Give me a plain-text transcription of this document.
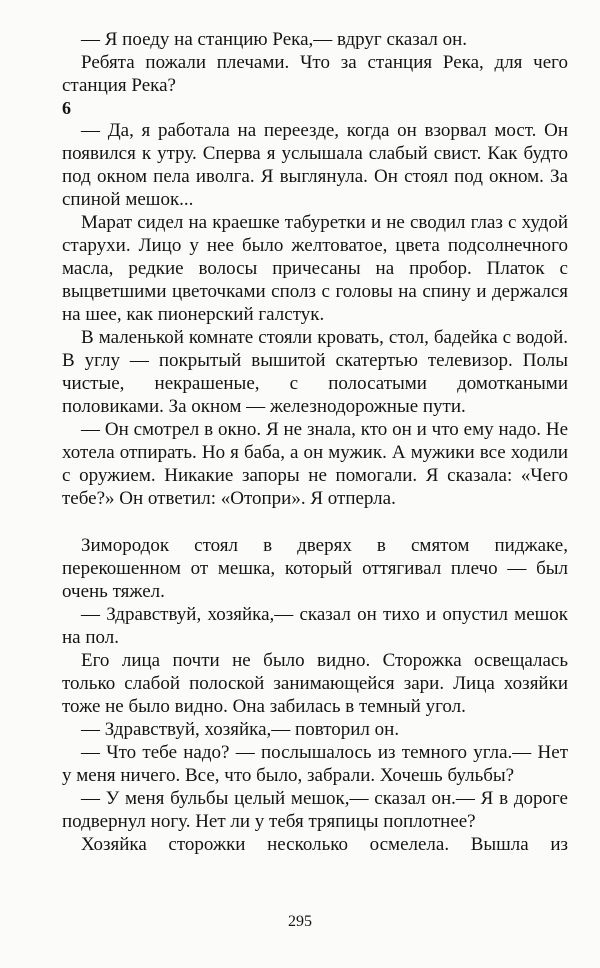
— Я поеду на станцию Река,— вдруг сказал он.

Ребята пожали плечами. Что за станция Река, для чего станция Река?

6

— Да, я работала на переезде, когда он взорвал мост. Он появился к утру. Сперва я услышала слабый свист. Как будто под окном пела иволга. Я выглянула. Он стоял под окном. За спиной мешок...

Марат сидел на краешке табуретки и не сводил глаз с худой старухи. Лицо у нее было желтоватое, цвета подсолнечного масла, редкие волосы причесаны на пробор. Платок с выцветшими цветочками сполз с головы на спину и держался на шее, как пионерский галстук.

В маленькой комнате стояли кровать, стол, бадейка с водой. В углу — покрытый вышитой скатертью телевизор. Полы чистые, некрашеные, с полосатыми домоткаными половиками. За окном — железнодорожные пути.

— Он смотрел в окно. Я не знала, кто он и что ему надо. Не хотела отпирать. Но я баба, а он мужик. А мужики все ходили с оружием. Никакие запоры не помогали. Я сказала: «Чего тебе?» Он ответил: «Отопри». Я отперла.

Зимородок стоял в дверях в смятом пиджаке, перекошенном от мешка, который оттягивал плечо — был очень тяжел.

— Здравствуй, хозяйка,— сказал он тихо и опустил мешок на пол.

Его лица почти не было видно. Сторожка освещалась только слабой полоской занимающейся зари. Лица хозяйки тоже не было видно. Она забилась в темный угол.

— Здравствуй, хозяйка,— повторил он.

— Что тебе надо? — послышалось из темного угла.— Нет у меня ничего. Все, что было, забрали. Хочешь бульбы?

— У меня бульбы целый мешок,— сказал он.— Я в дороге подвернул ногу. Нет ли у тебя тряпицы поплотнее?

Хозяйка сторожки несколько осмелела. Вышла из

295
